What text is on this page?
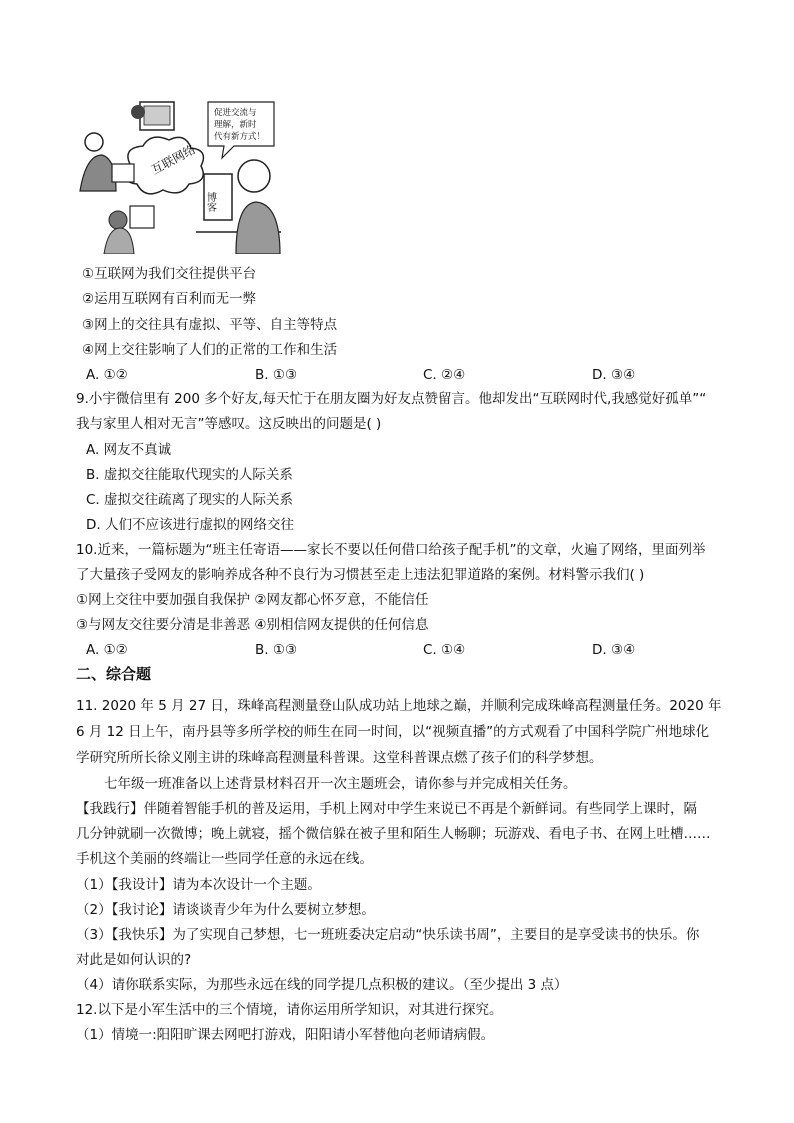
互联网络
博客
促进交流与
理解，新时
代有新方式！
①互联网为我们交往提供平台
②运用互联网有百利而无一弊
③网上的交往具有虚拟、平等、自主等特点
④网上交往影响了人们的正常的工作和生活
A. ①②	B. ①③	C. ②④	D. ③④
9.小宇微信里有 200 多个好友,每天忙于在朋友圈为好友点赞留言。他却发出“互联网时代,我感觉好孤单”“
我与家里人相对无言”等感叹。这反映出的问题是( )
A. 网友不真诚
B. 虚拟交往能取代现实的人际关系
C. 虚拟交往疏离了现实的人际关系
D. 人们不应该进行虚拟的网络交往
10.近来，一篇标题为“班主任寄语——家长不要以任何借口给孩子配手机”的文章，火遍了网络，里面列举
了大量孩子受网友的影响养成各种不良行为习惯甚至走上违法犯罪道路的案例。材料警示我们( )
①网上交往中要加强自我保护 ②网友都心怀歹意，不能信任
③与网友交往要分清是非善恶 ④别相信网友提供的任何信息
A. ①②	B. ①③	C. ①④	D. ③④
二、综合题
11. 2020 年 5 月 27 日，珠峰高程测量登山队成功站上地球之巅，并顺利完成珠峰高程测量任务。2020 年
6 月 12 日上午，南丹县等多所学校的师生在同一时间，以“视频直播”的方式观看了中国科学院广州地球化
学研究所所长徐义刚主讲的珠峰高程测量科普课。这堂科普课点燃了孩子们的科学梦想。
七年级一班准备以上述背景材料召开一次主题班会，请你参与并完成相关任务。
【我践行】伴随着智能手机的普及运用，手机上网对中学生来说已不再是个新鲜词。有些同学上课时，隔
几分钟就刷一次微博；晚上就寝，摇个微信躲在被子里和陌生人畅聊；玩游戏、看电子书、在网上吐槽……
手机这个美丽的终端让一些同学任意的永远在线。
（1）【我设计】请为本次设计一个主题。
（2）【我讨论】请谈谈青少年为什么要树立梦想。
（3）【我快乐】为了实现自己梦想，七一班班委决定启动“快乐读书周”，主要目的是享受读书的快乐。你
对此是如何认识的?
（4）请你联系实际，为那些永远在线的同学提几点积极的建议。（至少提出 3 点）
12.以下是小军生活中的三个情境，请你运用所学知识，对其进行探究。
（1）情境一:阳阳旷课去网吧打游戏，阳阳请小军替他向老师请病假。
